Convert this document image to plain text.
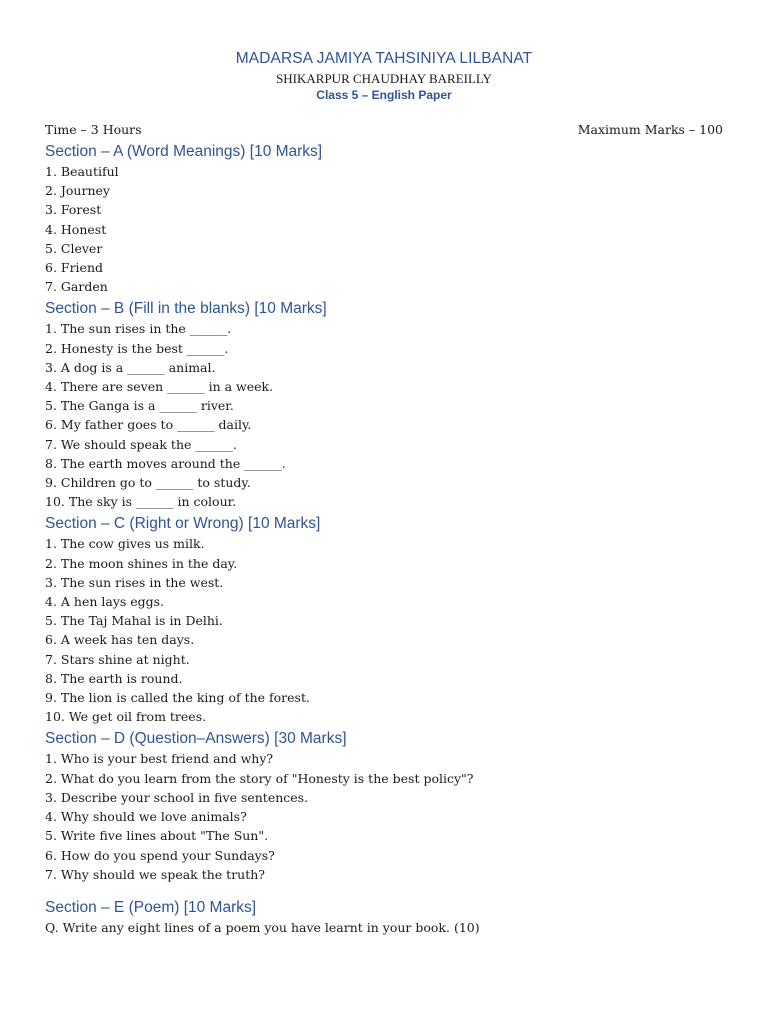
MADARSA JAMIYA TAHSINIYA LILBANAT
SHIKARPUR CHAUDHAY BAREILLY
Class 5 – English Paper
Time – 3 Hours	Maximum Marks – 100
Section – A (Word Meanings) [10 Marks]
1. Beautiful
2. Journey
3. Forest
4. Honest
5. Clever
6. Friend
7. Garden
Section – B (Fill in the blanks) [10 Marks]
1. The sun rises in the ______.
2. Honesty is the best ______.
3. A dog is a ______ animal.
4. There are seven ______ in a week.
5. The Ganga is a ______ river.
6. My father goes to ______ daily.
7. We should speak the ______.
8. The earth moves around the ______.
9. Children go to ______ to study.
10. The sky is ______ in colour.
Section – C (Right or Wrong) [10 Marks]
1. The cow gives us milk.
2. The moon shines in the day.
3. The sun rises in the west.
4. A hen lays eggs.
5. The Taj Mahal is in Delhi.
6. A week has ten days.
7. Stars shine at night.
8. The earth is round.
9. The lion is called the king of the forest.
10. We get oil from trees.
Section – D (Question–Answers) [30 Marks]
1. Who is your best friend and why?
2. What do you learn from the story of "Honesty is the best policy"?
3. Describe your school in five sentences.
4. Why should we love animals?
5. Write five lines about "The Sun".
6. How do you spend your Sundays?
7. Why should we speak the truth?
Section – E (Poem) [10 Marks]
Q. Write any eight lines of a poem you have learnt in your book. (10)
